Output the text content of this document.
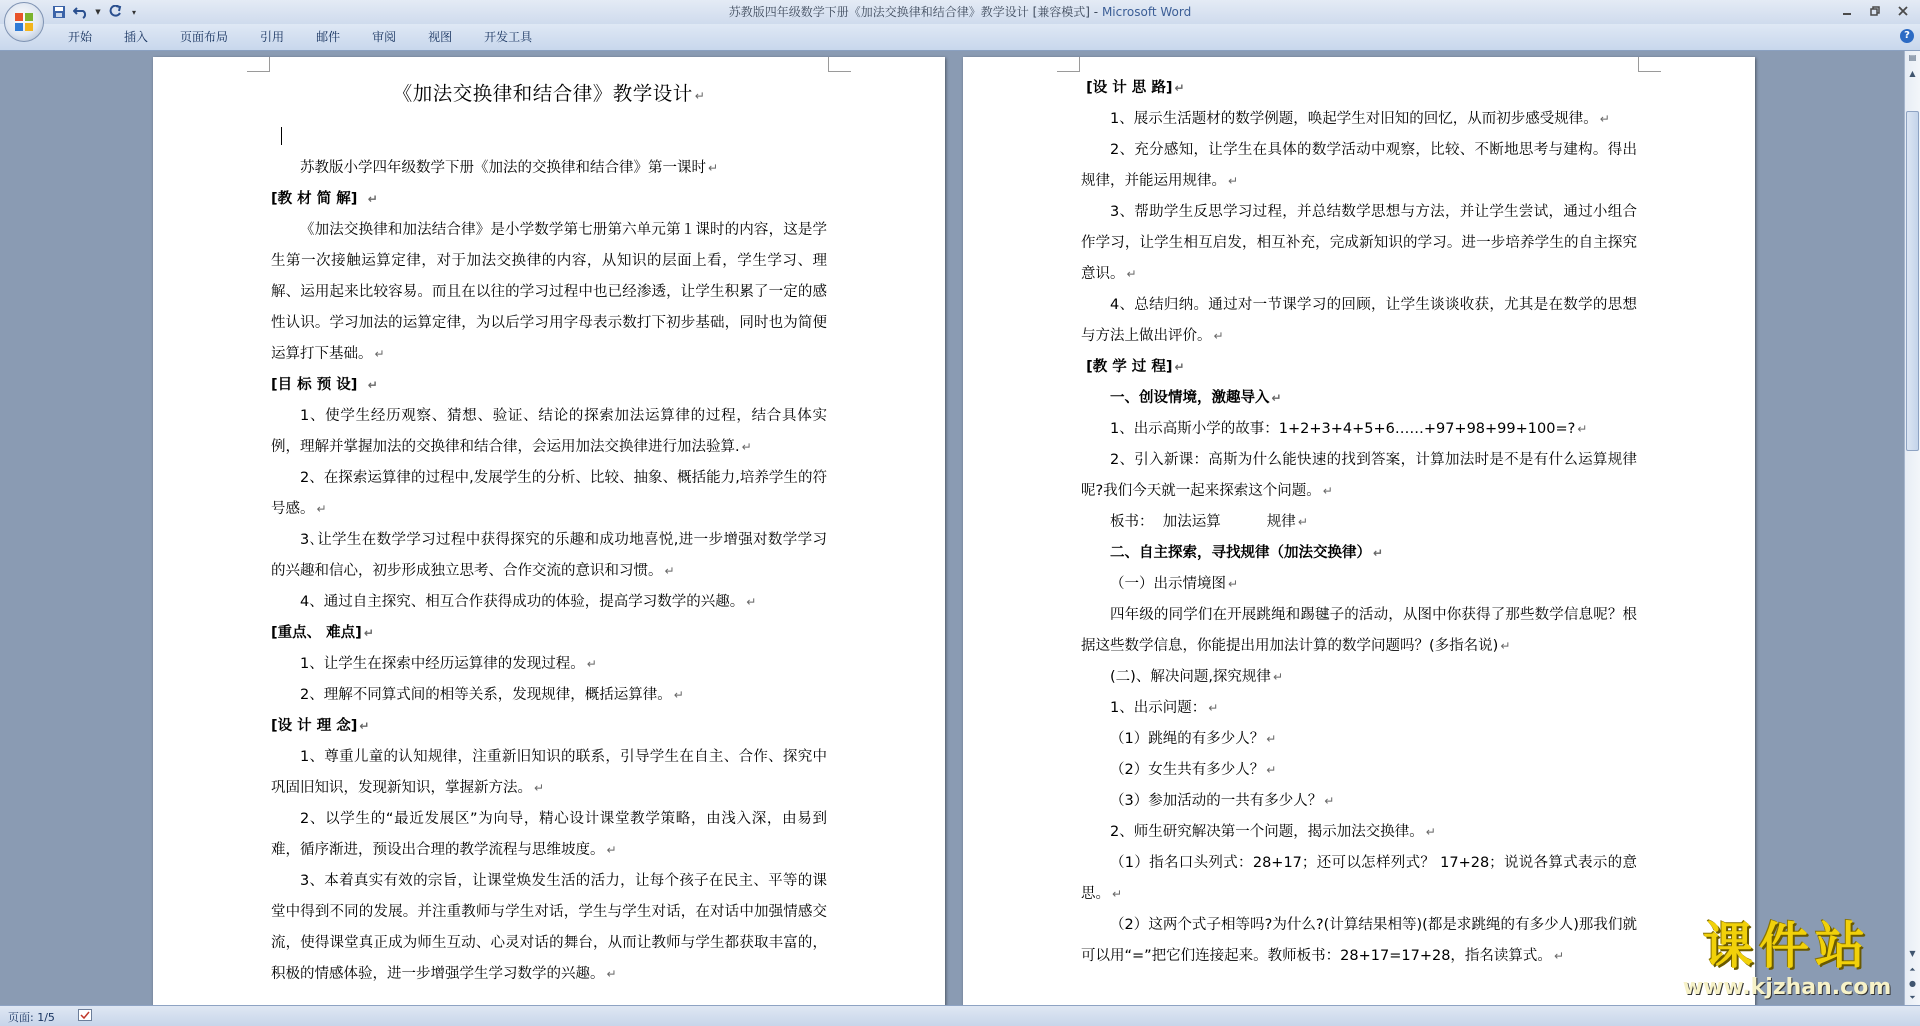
苏教版四年级数学下册《加法交换律和结合律》教学设计 [兼容模式] - Microsoft Word
▼	▾
开始	插入	页面布局	引用	邮件	审阅	视图	开发工具	?
《加法交换律和结合律》教学设计 ↵

苏教版小学四年级数学下册《加法的交换律和结合律》第一课时 ↵

[教 材 简 解]  ↵

《加法交换律和加法结合律》是小学数学第七册第六单元第１课时的内容，这是学生第一次接触运算定律，对于加法交换律的内容，从知识的层面上看，学生学习、理解、运用起来比较容易。而且在以往的学习过程中也已经渗透，让学生积累了一定的感性认识。学习加法的运算定律，为以后学习用字母表示数打下初步基础，同时也为简便运算打下基础。 ↵

[目 标 预 设]  ↵

1、使学生经历观察、猜想、验证、结论的探索加法运算律的过程，结合具体实例，理解并掌握加法的交换律和结合律，会运用加法交换律进行加法验算. ↵

2、在探索运算律的过程中,发展学生的分析、比较、抽象、概括能力,培养学生的符号感。 ↵

3､让学生在数学学习过程中获得探究的乐趣和成功地喜悦,进一步增强对数学学习的兴趣和信心，初步形成独立思考、合作交流的意识和习惯。 ↵

4、通过自主探究、相互合作获得成功的体验，提高学习数学的兴趣。 ↵

[重点、 难点] ↵

1、让学生在探索中经历运算律的发现过程。 ↵

2、理解不同算式间的相等关系，发现规律，概括运算律。 ↵

[设 计 理 念] ↵

1、尊重儿童的认知规律，注重新旧知识的联系，引导学生在自主、合作、探究中巩固旧知识，发现新知识，掌握新方法。 ↵

2、以学生的“最近发展区”为向导，精心设计课堂教学策略，由浅入深，由易到难，循序渐进，预设出合理的教学流程与思维坡度。 ↵

3、本着真实有效的宗旨，让课堂焕发生活的活力，让每个孩子在民主、平等的课堂中得到不同的发展。并注重教师与学生对话，学生与学生对话，在对话中加强情感交流，使得课堂真正成为师生互动、心灵对话的舞台，从而让教师与学生都获取丰富的，积极的情感体验，进一步增强学生学习数学的兴趣。 ↵

[设 计 思 路] ↵

1、展示生活题材的数学例题，唤起学生对旧知的回忆，从而初步感受规律。 ↵

2、充分感知，让学生在具体的数学活动中观察，比较、不断地思考与建构。得出规律，并能运用规律。 ↵

3、帮助学生反思学习过程，并总结数学思想与方法，并让学生尝试，通过小组合作学习，让学生相互启发，相互补充，完成新知识的学习。进一步培养学生的自主探究意识。 ↵

4、总结归纳。通过对一节课学习的回顾，让学生谈谈收获，尤其是在数学的思想与方法上做出评价。 ↵

[教 学 过 程] ↵

一、创设情境，激趣导入 ↵

1、出示高斯小学的故事：1+2+3+4+5+6……+97+98+99+100=? ↵

2、引入新课：高斯为什么能快速的找到答案，计算加法时是不是有什么运算规律呢?我们今天就一起来探索这个问题。 ↵

板书：  加法运算          规律 ↵

二、自主探索，寻找规律（加法交换律） ↵

（一）出示情境图 ↵

四年级的同学们在开展跳绳和踢毽子的活动，从图中你获得了那些数学信息呢？根据这些数学信息，你能提出用加法计算的数学问题吗？(多指名说) ↵

(二)、解决问题,探究规律 ↵

1、出示问题： ↵

（1）跳绳的有多少人？ ↵

（2）女生共有多少人？ ↵

（3）参加活动的一共有多少人？ ↵

2、师生研究解决第一个问题，揭示加法交换律。 ↵

（1）指名口头列式：28+17；还可以怎样列式？ 17+28；说说各算式表示的意思。 ↵

（2）这两个式子相等吗?为什么?(计算结果相等)(都是求跳绳的有多少人)那我们就可以用“=”把它们连接起来。教师板书：28+17=17+28，指名读算式。 ↵

▤
▲
▼
⏶
●
⏷
页面: 1/5
课件站
www.kjzhan.com
